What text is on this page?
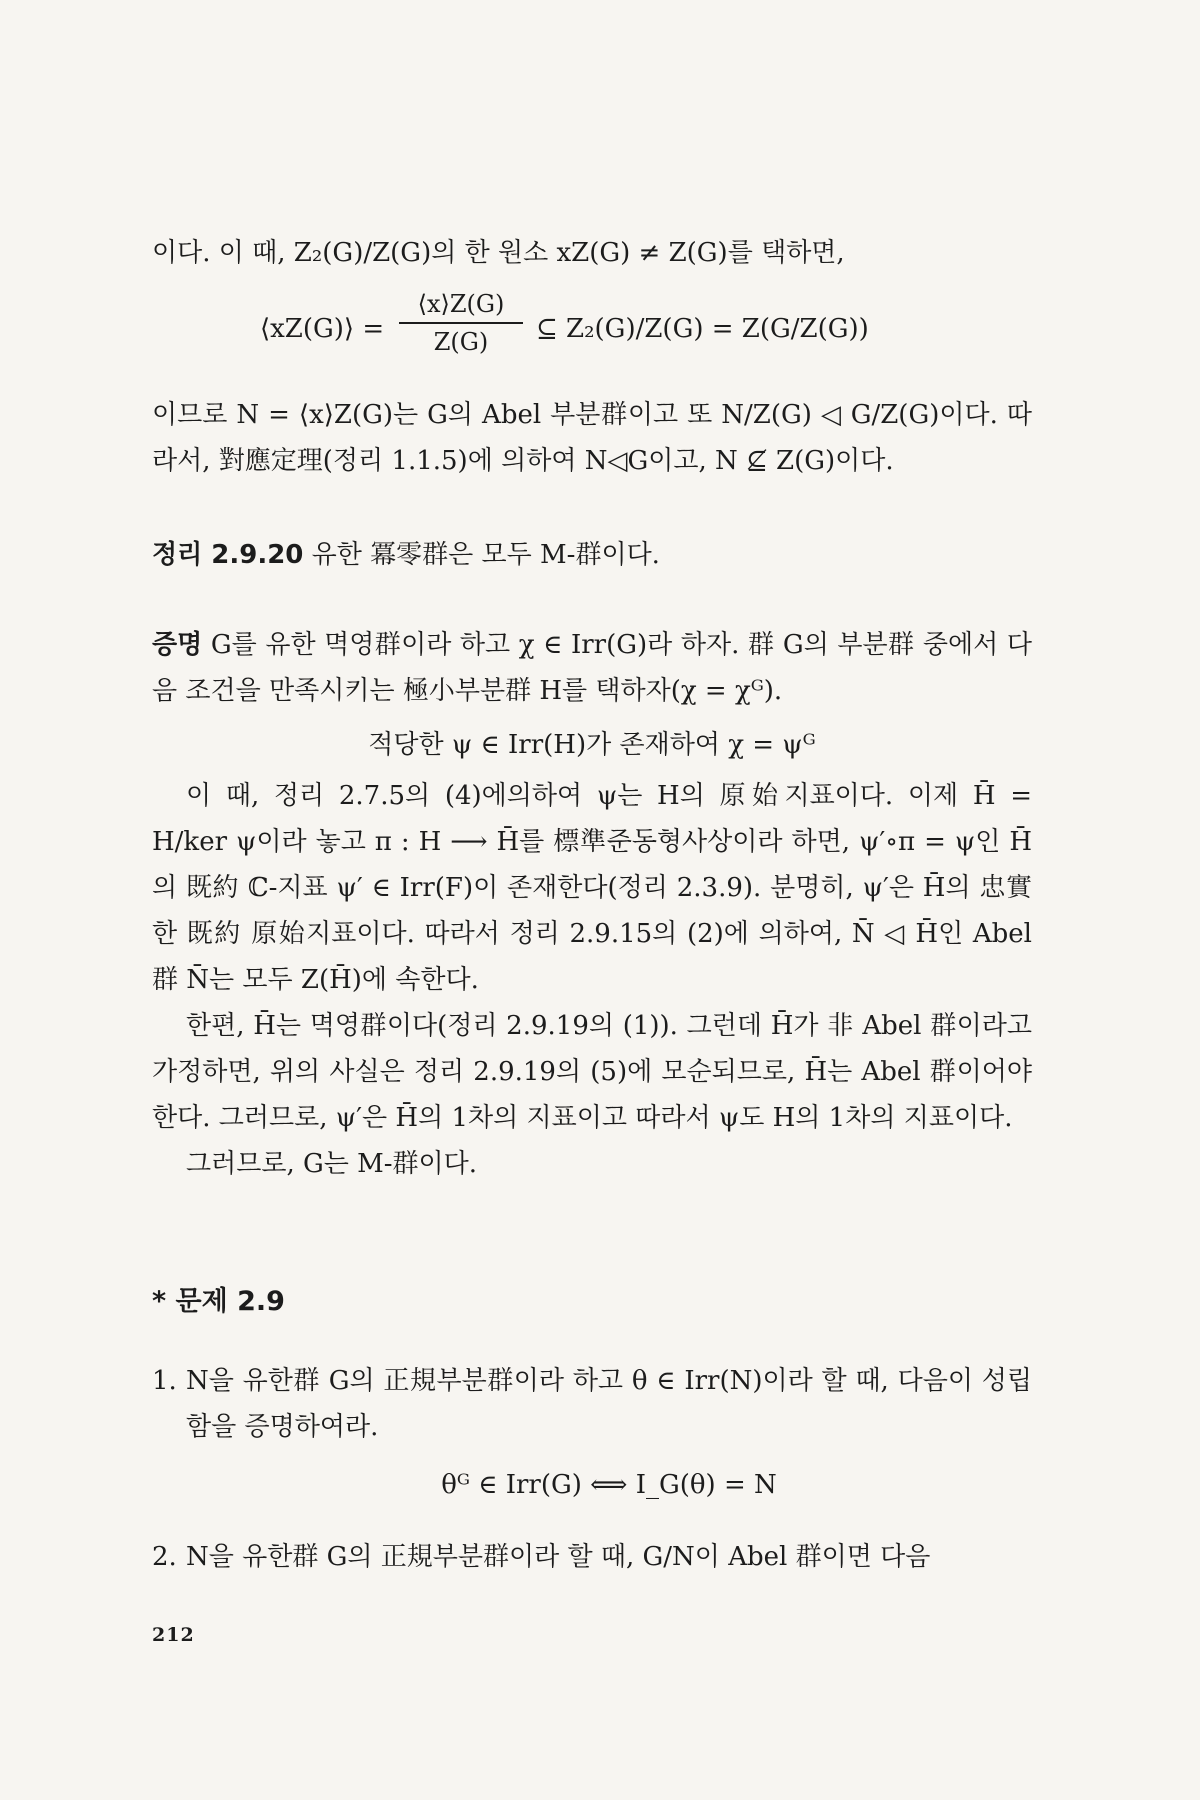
이다. 이 때, Z₂(G)/Z(G)의 한 원소 xZ(G) ≠ Z(G)를 택하면,

⟨xZ(G)⟩ =
⟨x⟩Z(G)
Z(G)	⊆ Z₂(G)/Z(G) = Z(G/Z(G))

이므로 N = ⟨x⟩Z(G)는 G의 Abel 부분群이고 또 N/Z(G) ◁ G/Z(G)이다. 따라서, 對應定理(정리 1.1.5)에 의하여 N◁G이고, N ⊈ Z(G)이다.

정리 2.9.20 유한 冪零群은 모두 M-群이다.

증명 G를 유한 멱영群이라 하고 χ ∈ Irr(G)라 하자. 群 G의 부분群 중에서 다음 조건을 만족시키는 極小부분群 H를 택하자(χ = χᴳ).

적당한 ψ ∈ Irr(H)가 존재하여 χ = ψᴳ

이 때, 정리 2.7.5의 (4)에의하여 ψ는 H의 原始지표이다. 이제 H̄ = H/ker ψ이라 놓고 π : H ⟶ H̄를 標準준동형사상이라 하면, ψ′∘π = ψ인 H̄의 既約 ℂ-지표 ψ′ ∈ Irr(F)이 존재한다(정리 2.3.9). 분명히, ψ′은 H̄의 忠實한 既約 原始지표이다. 따라서 정리 2.9.15의 (2)에 의하여, N̄ ◁ H̄인 Abel 群 N̄는 모두 Z(H̄)에 속한다.

한편, H̄는 멱영群이다(정리 2.9.19의 (1)). 그런데 H̄가 非 Abel 群이라고 가정하면, 위의 사실은 정리 2.9.19의 (5)에 모순되므로, H̄는 Abel 群이어야 한다. 그러므로, ψ′은 H̄의 1차의 지표이고 따라서 ψ도 H의 1차의 지표이다.

그러므로, G는 M-群이다.

* 문제 2.9

1. N을 유한群 G의 正規부분群이라 하고 θ ∈ Irr(N)이라 할 때, 다음이 성립함을 증명하여라.

θᴳ ∈ Irr(G) ⟺ I_G(θ) = N

2. N을 유한群 G의 正規부분群이라 할 때, G/N이 Abel 群이면 다음
212
